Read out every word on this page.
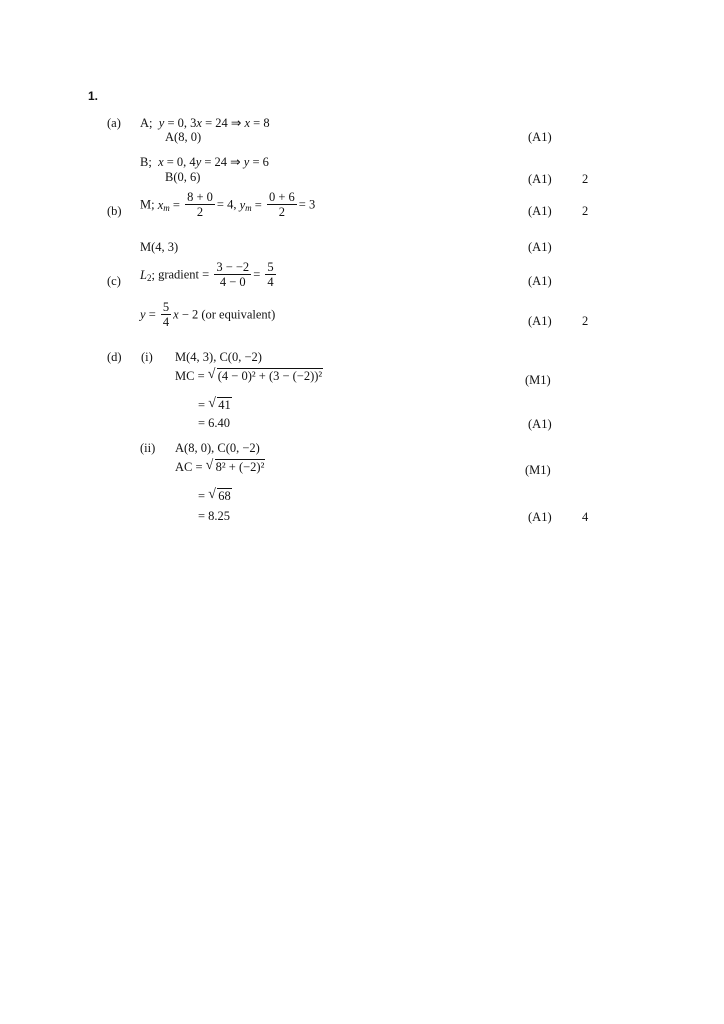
1.
(a) A; y = 0, 3x = 24 ⇒ x = 8
A(8, 0)	(A1)
B; x = 0, 4y = 24 ⇒ y = 6
B(0, 6)	(A1) 2
(b) M; $x_m = \frac{8 + 0}{2} = 4$, $y_m = \frac{0 + 6}{2} = 3$	(A1) 2
M(4, 3)	(A1)
(c) $L_2$; gradient = $\frac{3 - -2}{4 - 0} = \frac{5}{4}$	(A1)
$y = \frac{5}{4}$ x − 2 (or equivalent)	(A1) 2
(d) (i) M(4, 3), C(0, −2)
MC = √ (4 − 0)² + (3 − (−2))²	(M1)
= √ 41
= 6.40	(A1)
(ii) A(8, 0), C(0, −2)
AC = √ 8² + (−2)²	(M1)
= √ 68
= 8.25	(A1) 4
